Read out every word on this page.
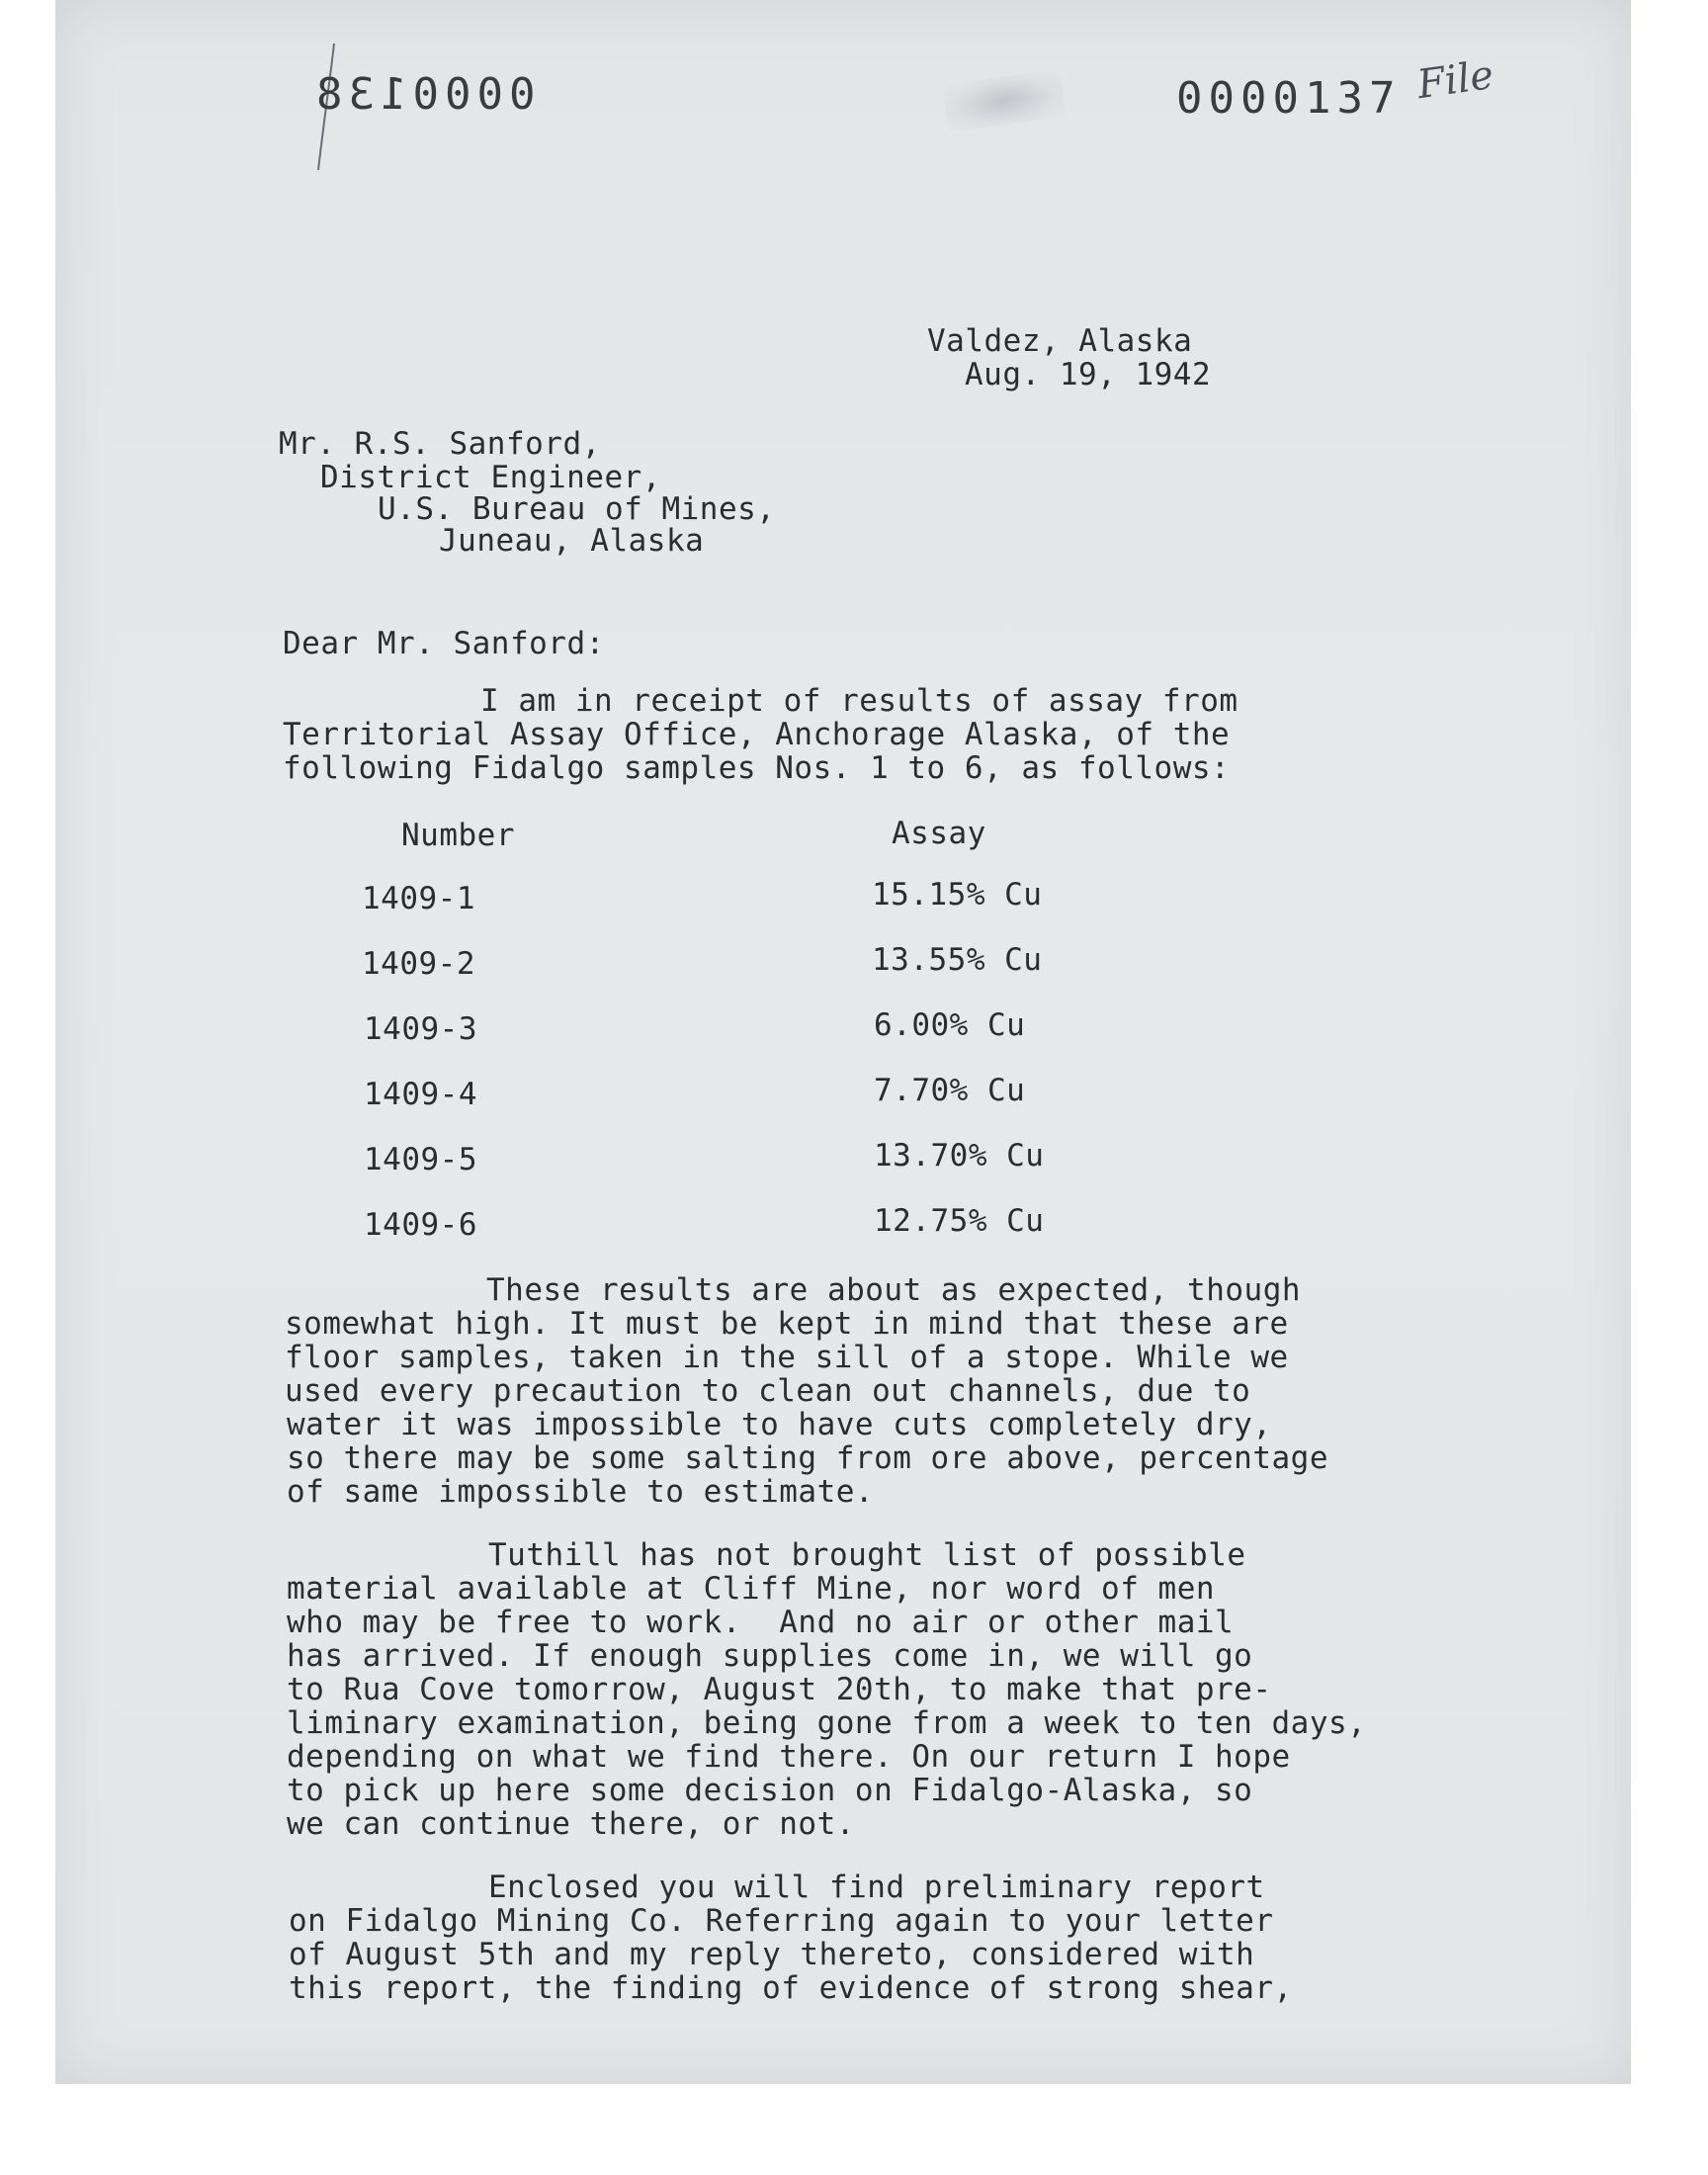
0000138	0000137 File
Valdez, Alaska
Aug. 19, 1942
Mr. R.S. Sanford,
District Engineer,
U.S. Bureau of Mines,
Juneau, Alaska
Dear Mr. Sanford:
I am in receipt of results of assay from
Territorial Assay Office, Anchorage Alaska, of the
following Fidalgo samples Nos. 1 to 6, as follows:
Number	Assay
1409-1	15.15% Cu
1409-2	13.55% Cu
1409-3	6.00% Cu
1409-4	7.70% Cu
1409-5	13.70% Cu
1409-6	12.75% Cu
These results are about as expected, though
somewhat high. It must be kept in mind that these are
floor samples, taken in the sill of a stope. While we
used every precaution to clean out channels, due to
water it was impossible to have cuts completely dry,
so there may be some salting from ore above, percentage
of same impossible to estimate.
Tuthill has not brought list of possible
material available at Cliff Mine, nor word of men
who may be free to work.  And no air or other mail
has arrived. If enough supplies come in, we will go
to Rua Cove tomorrow, August 20th, to make that pre-
liminary examination, being gone from a week to ten days,
depending on what we find there. On our return I hope
to pick up here some decision on Fidalgo-Alaska, so
we can continue there, or not.
Enclosed you will find preliminary report
on Fidalgo Mining Co. Referring again to your letter
of August 5th and my reply thereto, considered with
this report, the finding of evidence of strong shear,
